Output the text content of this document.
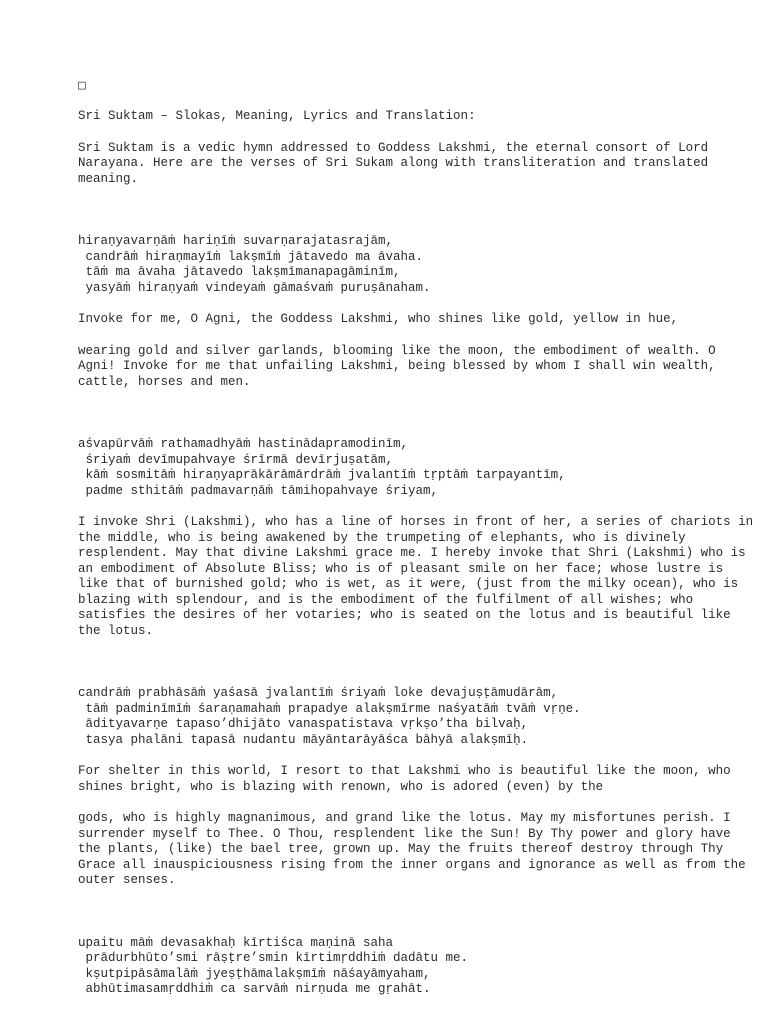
□

Sri Suktam – Slokas, Meaning, Lyrics and Translation:

Sri Suktam is a vedic hymn addressed to Goddess Lakshmi, the eternal consort of Lord Narayana. Here are the verses of Sri Sukam along with transliteration and translated meaning.

hiraṇyavarṇāṁ hariṇīṁ suvarṇarajatasrajām,
candrāṁ hiraṇmayīṁ lakṣmīṁ jātavedo ma āvaha.
tāṁ ma āvaha jātavedo lakṣmīmanapagāminīm,
yasyāṁ hiraṇyaṁ vindeyaṁ gāmaśvaṁ puruṣānaham.

Invoke for me, O Agni, the Goddess Lakshmi, who shines like gold, yellow in hue,

wearing gold and silver garlands, blooming like the moon, the embodiment of wealth. O Agni! Invoke for me that unfailing Lakshmi, being blessed by whom I shall win wealth, cattle, horses and men.

aśvapūrvāṁ rathamadhyāṁ hastinādapramodinīm,
śriyaṁ devīmupahvaye śrīrmā devīrjuṣatām,
kāṁ sosmitāṁ hiraṇyaprākārāmārdrāṁ jvalantīṁ tṛptāṁ tarpayantīm,
padme sthitāṁ padmavarṇāṁ tāmihopahvaye śriyam,

I invoke Shri (Lakshmi), who has a line of horses in front of her, a series of chariots in the middle, who is being awakened by the trumpeting of elephants, who is divinely resplendent. May that divine Lakshmi grace me. I hereby invoke that Shri (Lakshmi) who is an embodiment of Absolute Bliss; who is of pleasant smile on her face; whose lustre is like that of burnished gold; who is wet, as it were, (just from the milky ocean), who is blazing with splendour, and is the embodiment of the fulfilment of all wishes; who satisfies the desires of her votaries; who is seated on the lotus and is beautiful like the lotus.

candrāṁ prabhāsāṁ yaśasā jvalantīṁ śriyaṁ loke devajuṣṭāmudārām,
tāṁ padminīmīṁ śaraṇamahaṁ prapadye alakṣmīrme naśyatāṁ tvāṁ vṛṇe.
ādityavarṇe tapaso’dhijāto vanaspatistava vṛkṣo’tha bilvaḥ,
tasya phalāni tapasā nudantu māyāntarāyāśca bāhyā alakṣmīḥ.

For shelter in this world, I resort to that Lakshmi who is beautiful like the moon, who shines bright, who is blazing with renown, who is adored (even) by the

gods, who is highly magnanimous, and grand like the lotus. May my misfortunes perish. I surrender myself to Thee. O Thou, resplendent like the Sun! By Thy power and glory have the plants, (like) the bael tree, grown up. May the fruits thereof destroy through Thy Grace all inauspiciousness rising from the inner organs and ignorance as well as from the outer senses.

upaitu māṁ devasakhaḥ kīrtiśca maṇinā saha
prādurbhūto’smi rāṣṭre’smin kīrtimṛddhiṁ dadātu me.
kṣutpipāsāmalāṁ jyeṣṭhāmalakṣmīṁ nāśayāmyaham,
abhūtimasamṛddhiṁ ca sarvāṁ nirṇuda me gṛahāt.
